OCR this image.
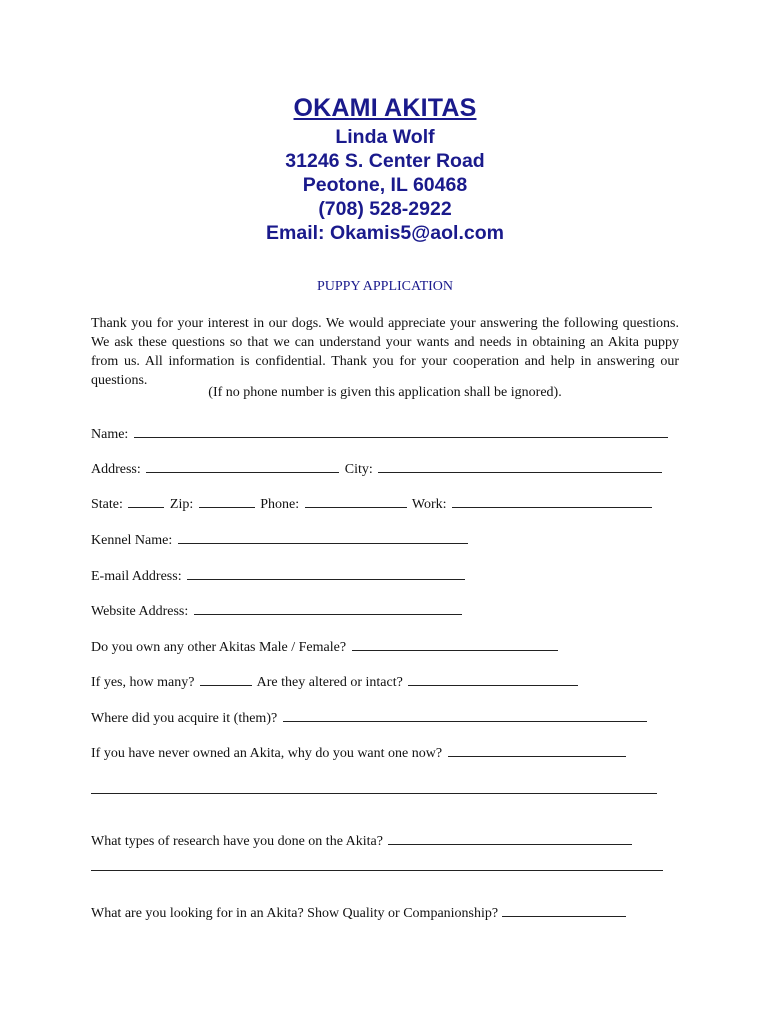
OKAMI AKITAS
Linda Wolf
31246 S. Center Road
Peotone, IL 60468
(708) 528-2922
Email: Okamis5@aol.com
PUPPY APPLICATION
Thank you for your interest in our dogs. We would appreciate your answering the following questions. We ask these questions so that we can understand your wants and needs in obtaining an Akita puppy from us. All information is confidential. Thank you for your cooperation and help in answering our questions.
(If no phone number is given this application shall be ignored).
Name:
Address:	City:
State:	Zip:	Phone:	Work:
Kennel Name:
E-mail Address:
Website Address:
Do you own any other Akitas Male / Female?
If yes, how many?	Are they altered or intact?
Where did you acquire it (them)?
If you have never owned an Akita, why do you want one now?
What types of research have you done on the Akita?
What are you looking for in an Akita? Show Quality or Companionship?
